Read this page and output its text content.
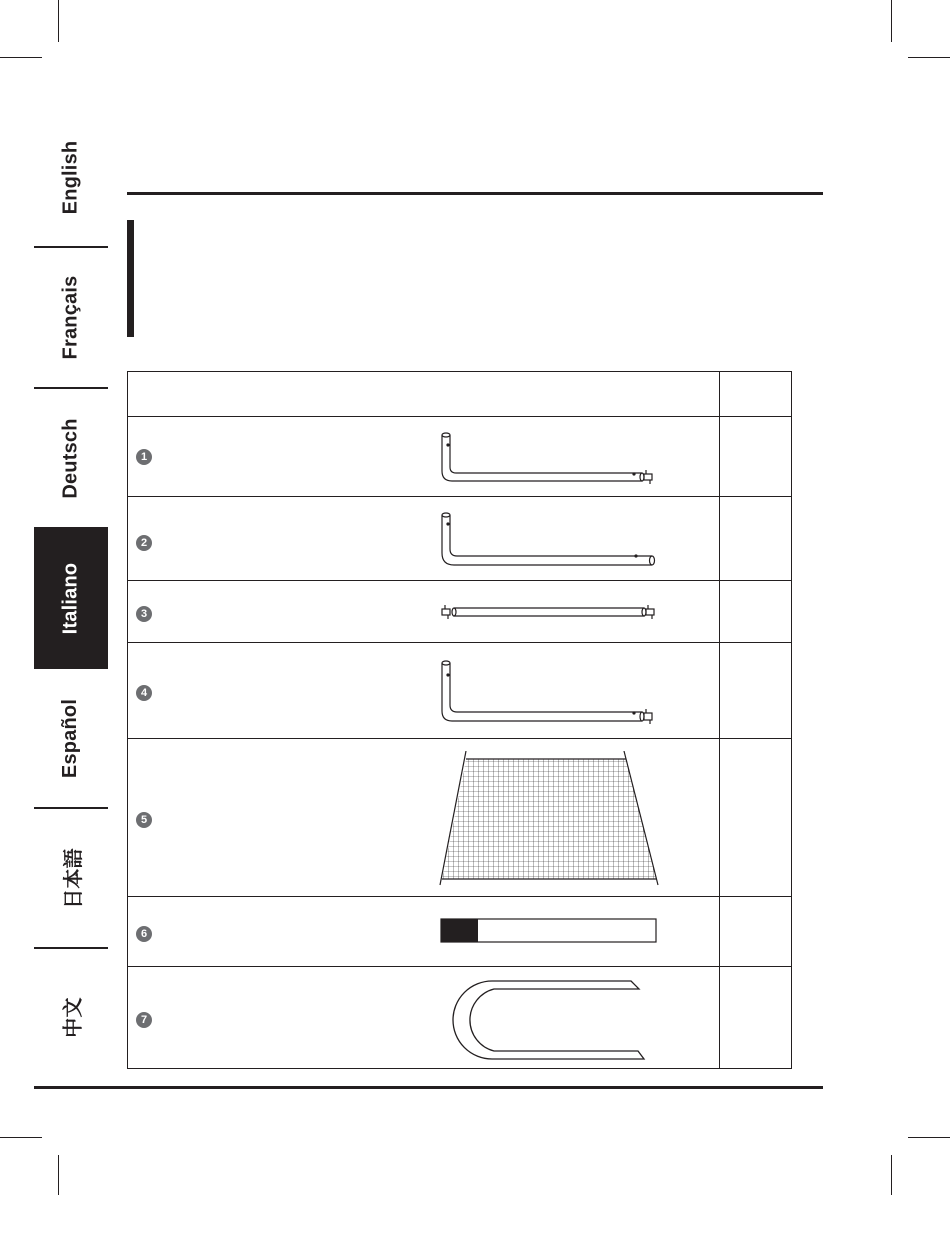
English
Français
Deutsch
Italiano
Español
日本語
中文
1
2
3
4
5
6
7
